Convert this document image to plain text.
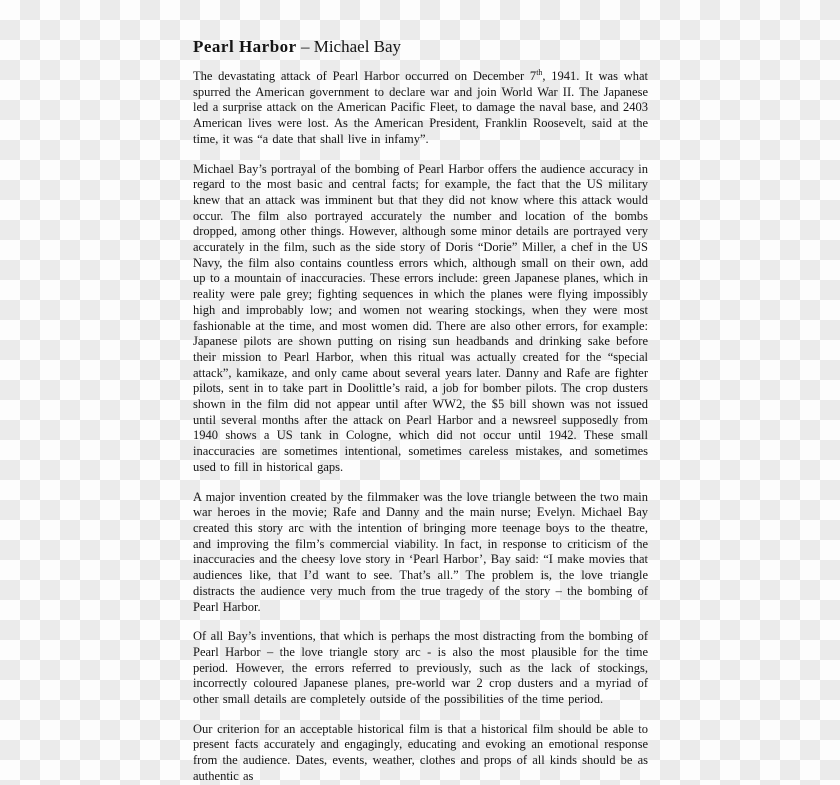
Pearl Harbor – Michael Bay

The devastating attack of Pearl Harbor occurred on December 7th, 1941. It was what spurred the American government to declare war and join World War II. The Japanese led a surprise attack on the American Pacific Fleet, to damage the naval base, and 2403 American lives were lost. As the American President, Franklin Roosevelt, said at the time, it was “a date that shall live in infamy”.

Michael Bay’s portrayal of the bombing of Pearl Harbor offers the audience accuracy in regard to the most basic and central facts; for example, the fact that the US military knew that an attack was imminent but that they did not know where this attack would occur. The film also portrayed accurately the number and location of the bombs dropped, among other things. However, although some minor details are portrayed very accurately in the film, such as the side story of Doris “Dorie” Miller, a chef in the US Navy, the film also contains countless errors which, although small on their own, add up to a mountain of inaccuracies. These errors include: green Japanese planes, which in reality were pale grey; fighting sequences in which the planes were flying impossibly high and improbably low; and women not wearing stockings, when they were most fashionable at the time, and most women did. There are also other errors, for example: Japanese pilots are shown putting on rising sun headbands and drinking sake before their mission to Pearl Harbor, when this ritual was actually created for the “special attack”, kamikaze, and only came about several years later. Danny and Rafe are fighter pilots, sent in to take part in Doolittle’s raid, a job for bomber pilots. The crop dusters shown in the film did not appear until after WW2, the $5 bill shown was not issued until several months after the attack on Pearl Harbor and a newsreel supposedly from 1940 shows a US tank in Cologne, which did not occur until 1942. These small inaccuracies are sometimes intentional, sometimes careless mistakes, and sometimes used to fill in historical gaps.

A major invention created by the filmmaker was the love triangle between the two main war heroes in the movie; Rafe and Danny and the main nurse; Evelyn. Michael Bay created this story arc with the intention of bringing more teenage boys to the theatre, and improving the film’s commercial viability. In fact, in response to criticism of the inaccuracies and the cheesy love story in ‘Pearl Harbor’, Bay said: “I make movies that audiences like, that I’d want to see. That’s all.” The problem is, the love triangle distracts the audience very much from the true tragedy of the story – the bombing of Pearl Harbor.

Of all Bay’s inventions, that which is perhaps the most distracting from the bombing of Pearl Harbor – the love triangle story arc - is also the most plausible for the time period. However, the errors referred to previously, such as the lack of stockings, incorrectly coloured Japanese planes, pre-world war 2 crop dusters and a myriad of other small details are completely outside of the possibilities of the time period.

Our criterion for an acceptable historical film is that a historical film should be able to present facts accurately and engagingly, educating and evoking an emotional response from the audience. Dates, events, weather, clothes and props of all kinds should be as authentic as
